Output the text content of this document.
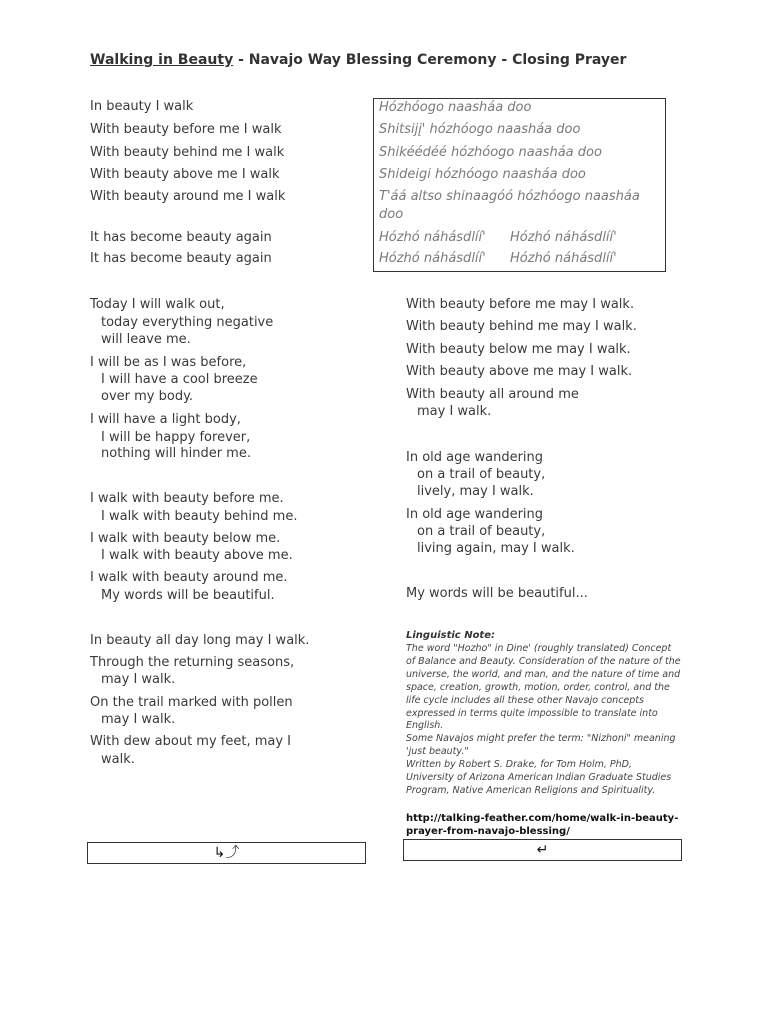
Walking in Beauty - Navajo Way Blessing Ceremony - Closing Prayer
In beauty I walk
With beauty before me I walk
With beauty behind me I walk
With beauty above me I walk
With beauty around me I walk
It has become beauty again
It has become beauty again
Hózhóogo naasháa doo
Shitsijį' hózhóogo naasháa doo
Shikéédéé hózhóogo naasháa doo
Shideigi hózhóogo naasháa doo
T'áá altso shinaagóó hózhóogo naasháa
doo
Hózhó náhásdlíí' Hózhó náhásdlíí'
Hózhó náhásdlíí' Hózhó náhásdlíí'
Today I will walk out,
today everything negative
will leave me.
I will be as I was before,
I will have a cool breeze
over my body.
I will have a light body,
I will be happy forever,
nothing will hinder me.
I walk with beauty before me.
I walk with beauty behind me.
I walk with beauty below me.
I walk with beauty above me.
I walk with beauty around me.
My words will be beautiful.
In beauty all day long may I walk.
Through the returning seasons,
may I walk.
On the trail marked with pollen
may I walk.
With dew about my feet, may I
walk.
With beauty before me may I walk.
With beauty behind me may I walk.
With beauty below me may I walk.
With beauty above me may I walk.
With beauty all around me
may I walk.
In old age wandering
on a trail of beauty,
lively, may I walk.
In old age wandering
on a trail of beauty,
living again, may I walk.
My words will be beautiful...
Linguistic Note:

The word "Hozho" in Dine' (roughly translated) Concept of Balance and Beauty. Consideration of the nature of the universe, the world, and man, and the nature of time and space, creation, growth, motion, order, control, and the life cycle includes all these other Navajo concepts expressed in terms quite impossible to translate into English.

Some Navajos might prefer the term: "Nizhoni" meaning 'just beauty."

Written by Robert S. Drake, for Tom Holm, PhD, University of Arizona American Indian Graduate Studies Program, Native American Religions and Spirituality.

http://talking-feather.com/home/walk-in-beauty-prayer-from-navajo-blessing/
↳⤴	↵
